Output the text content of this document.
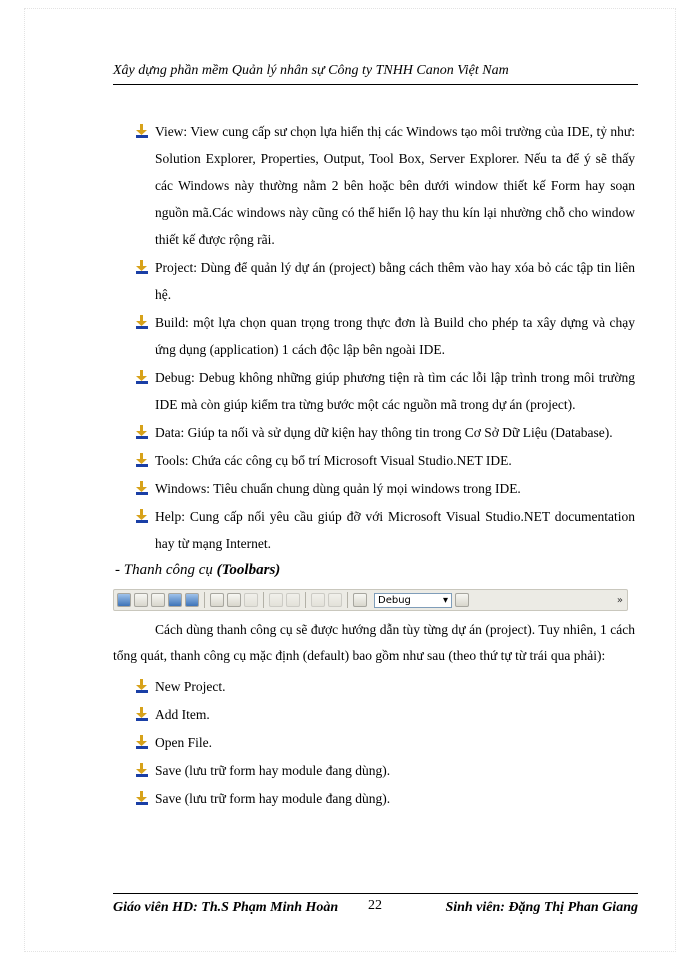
Xây dựng phần mềm Quản lý nhân sự Công ty TNHH Canon Việt Nam
View: View cung cấp sư chọn lựa hiển thị các Windows tạo môi trường của IDE, tỷ như: Solution Explorer, Properties, Output, Tool Box, Server Explorer. Nếu ta để ý sẽ thấy các Windows này thường nằm 2 bên hoặc bên dưới window thiết kế Form hay soạn nguồn mã.Các windows này cũng có thể hiển lộ hay thu kín lại nhường chỗ cho window thiết kế được rộng rãi.
Project: Dùng để quản lý dự án (project) bằng cách thêm vào hay xóa bỏ các tập tin liên hệ.
Build: một lựa chọn quan trọng trong thực đơn là Build cho phép ta xây dựng và chạy ứng dụng (application) 1 cách độc lập bên ngoài IDE.
Debug: Debug không những giúp phương tiện rà tìm các lỗi lập trình trong môi trường IDE mà còn giúp kiểm tra từng bước một các nguồn mã trong dự án (project).
Data: Giúp ta nối và sử dụng dữ kiện hay thông tin trong Cơ Sở Dữ Liệu (Database).
Tools: Chứa các công cụ bổ trí Microsoft Visual Studio.NET IDE.
Windows: Tiêu chuẩn chung dùng quản lý mọi windows trong IDE.
Help: Cung cấp nối yêu cầu giúp đỡ với Microsoft Visual Studio.NET documentation hay từ mạng Internet.
- Thanh công cụ (Toolbars)
Debug	▾	»
Cách dùng thanh công cụ sẽ được hướng dẫn tùy từng dự án (project). Tuy nhiên, 1 cách tổng quát, thanh công cụ mặc định (default) bao gồm như sau (theo thứ tự từ trái qua phải):
New Project.
Add Item.
Open File.
Save (lưu trữ form hay module đang dùng).
Save (lưu trữ form hay module đang dùng).
Giáo viên HD: Th.S Phạm Minh Hoàn 22	Sinh viên: Đặng Thị Phan Giang
